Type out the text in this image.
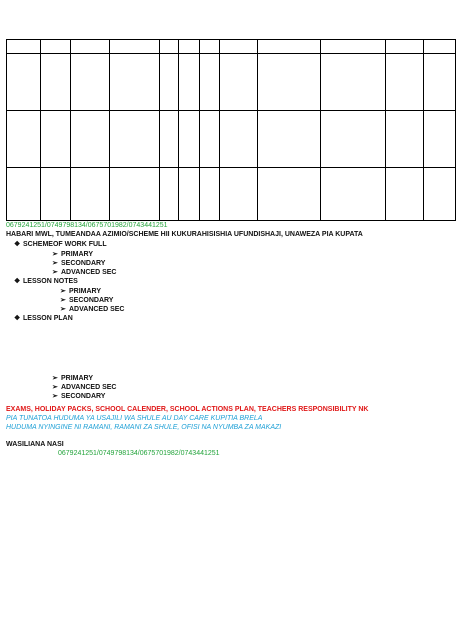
0679241251/0749798134/0675701982/0743441251
HABARI MWL, TUMEANDAA AZIMIO/SCHEME HII KUKURAHISISHIA UFUNDISHAJI, UNAWEZA PIA KUPATA
❖ SCHEMEOF WORK FULL
➢ PRIMARY
➢ SECONDARY
➢ ADVANCED SEC
❖ LESSON NOTES
➢ PRIMARY
➢ SECONDARY
➢ ADVANCED SEC
❖ LESSON PLAN
➢ PRIMARY
➢ ADVANCED SEC
➢ SECONDARY
EXAMS, HOLIDAY PACKS, SCHOOL CALENDER, SCHOOL ACTIONS PLAN, TEACHERS RESPONSIBILITY NK
PIA TUNATOA HUDUMA YA USAJILI WA SHULE AU DAY CARE KUPITIA BRELA
HUDUMA NYINGINE NI RAMANI, RAMANI ZA SHULE, OFISI NA NYUMBA ZA MAKAZI
WASILIANA NASI
0679241251/0749798134/0675701982/0743441251
